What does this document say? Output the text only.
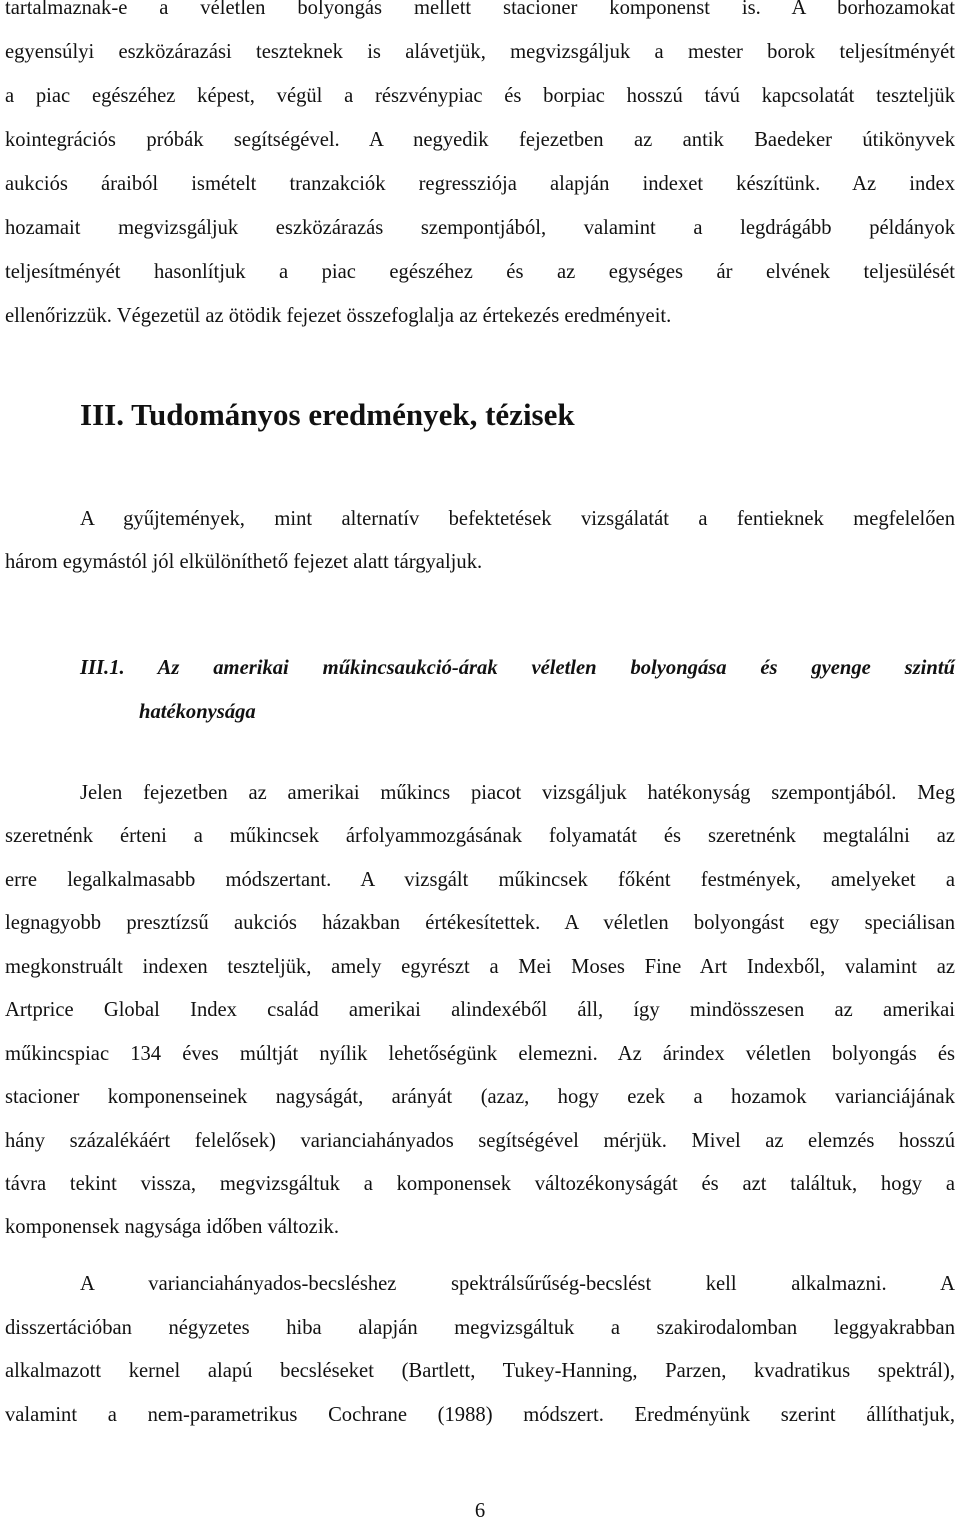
tartalmaznak-e a véletlen bolyongás mellett stacioner komponenst is. A borhozamokat
egyensúlyi eszközárazási teszteknek is alávetjük, megvizsgáljuk a mester borok teljesítményét
a piac egészéhez képest, végül a részvénypiac és borpiac hosszú távú kapcsolatát teszteljük
kointegrációs próbák segítségével. A negyedik fejezetben az antik Baedeker útikönyvek
aukciós áraiból ismételt tranzakciók regressziója alapján indexet készítünk. Az index
hozamait megvizsgáljuk eszközárazás szempontjából, valamint a legdrágább példányok
teljesítményét hasonlítjuk a piac egészéhez és az egységes ár elvének teljesülését
ellenőrizzük. Végezetül az ötödik fejezet összefoglalja az értekezés eredményeit.
III. Tudományos eredmények, tézisek
A gyűjtemények, mint alternatív befektetések vizsgálatát a fentieknek megfelelően
három egymástól jól elkülöníthető fejezet alatt tárgyaljuk.
III.1. Az amerikai műkincsaukció-árak véletlen bolyongása és gyenge szintű
hatékonysága
Jelen fejezetben az amerikai műkincs piacot vizsgáljuk hatékonyság szempontjából. Meg
szeretnénk érteni a műkincsek árfolyammozgásának folyamatát és szeretnénk megtalálni az
erre legalkalmasabb módszertant. A vizsgált műkincsek főként festmények, amelyeket a
legnagyobb presztízsű aukciós házakban értékesítettek. A véletlen bolyongást egy speciálisan
megkonstruált indexen teszteljük, amely egyrészt a Mei Moses Fine Art Indexből, valamint az
Artprice Global Index család amerikai alindexéből áll, így mindösszesen az amerikai
műkincspiac 134 éves múltját nyílik lehetőségünk elemezni. Az árindex véletlen bolyongás és
stacioner komponenseinek nagyságát, arányát (azaz, hogy ezek a hozamok varianciájának
hány százalékáért felelősek) varianciahányados segítségével mérjük. Mivel az elemzés hosszú
távra tekint vissza, megvizsgáltuk a komponensek változékonyságát és azt találtuk, hogy a
komponensek nagysága időben változik.
A varianciahányados-becsléshez spektrálsűrűség-becslést kell alkalmazni. A
disszertációban négyzetes hiba alapján megvizsgáltuk a szakirodalomban leggyakrabban
alkalmazott kernel alapú becsléseket (Bartlett, Tukey-Hanning, Parzen, kvadratikus spektrál),
valamint a nem-parametrikus Cochrane (1988) módszert. Eredményünk szerint állíthatjuk,
6
